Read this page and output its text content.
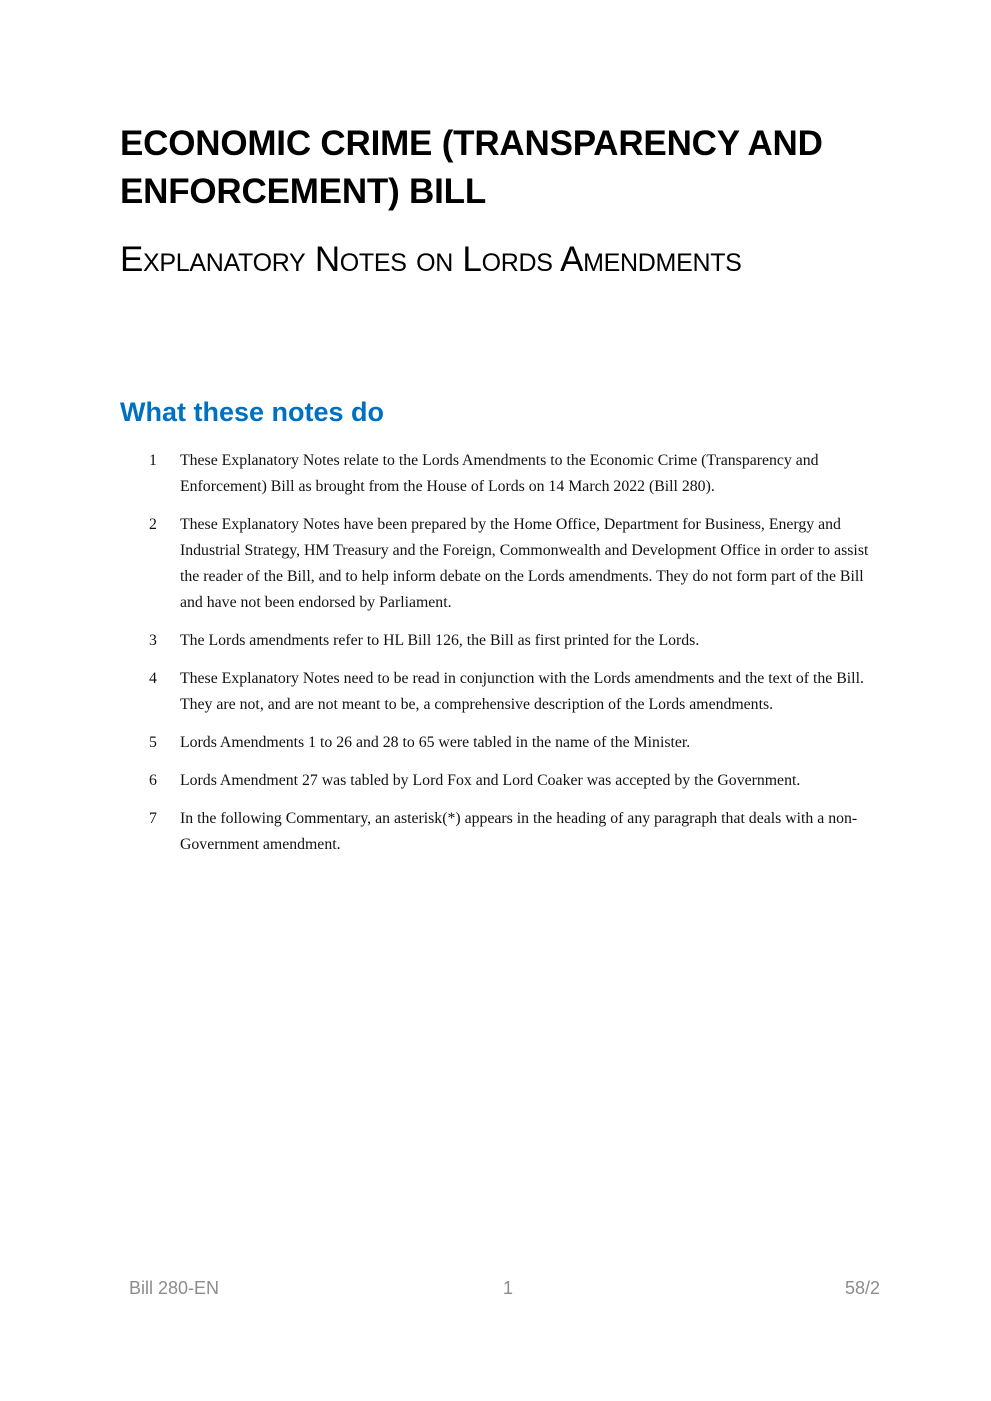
ECONOMIC CRIME (TRANSPARENCY AND ENFORCEMENT) BILL
Explanatory Notes on Lords Amendments
What these notes do
1 These Explanatory Notes relate to the Lords Amendments to the Economic Crime (Transparency and Enforcement) Bill as brought from the House of Lords on 14 March 2022 (Bill 280).
2 These Explanatory Notes have been prepared by the Home Office, Department for Business, Energy and Industrial Strategy, HM Treasury and the Foreign, Commonwealth and Development Office in order to assist the reader of the Bill, and to help inform debate on the Lords amendments. They do not form part of the Bill and have not been endorsed by Parliament.
3 The Lords amendments refer to HL Bill 126, the Bill as first printed for the Lords.
4 These Explanatory Notes need to be read in conjunction with the Lords amendments and the text of the Bill. They are not, and are not meant to be, a comprehensive description of the Lords amendments.
5 Lords Amendments 1 to 26 and 28 to 65 were tabled in the name of the Minister.
6 Lords Amendment 27 was tabled by Lord Fox and Lord Coaker was accepted by the Government.
7 In the following Commentary, an asterisk(*) appears in the heading of any paragraph that deals with a non-Government amendment.
Bill 280-EN	1	58/2
